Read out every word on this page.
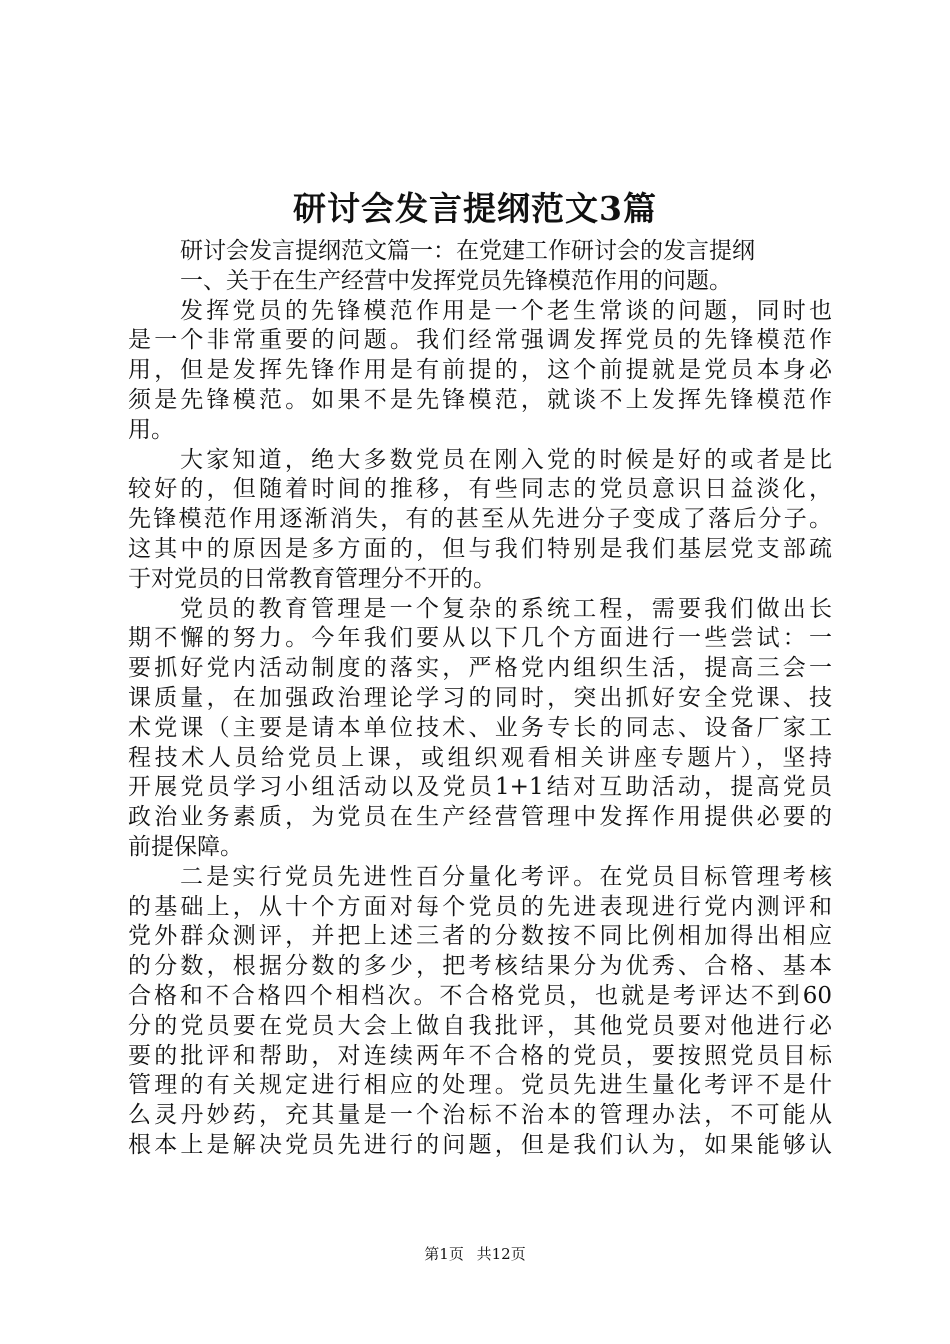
研讨会发言提纲范文3篇
研讨会发言提纲范文篇一：在党建工作研讨会的发言提纲
一、关于在生产经营中发挥党员先锋模范作用的问题。
发挥党员的先锋模范作用是一个老生常谈的问题，同时也
是一个非常重要的问题。我们经常强调发挥党员的先锋模范作
用，但是发挥先锋作用是有前提的，这个前提就是党员本身必
须是先锋模范。如果不是先锋模范，就谈不上发挥先锋模范作
用。
大家知道，绝大多数党员在刚入党的时候是好的或者是比
较好的，但随着时间的推移，有些同志的党员意识日益淡化，
先锋模范作用逐渐消失，有的甚至从先进分子变成了落后分子。
这其中的原因是多方面的，但与我们特别是我们基层党支部疏
于对党员的日常教育管理分不开的。
党员的教育管理是一个复杂的系统工程，需要我们做出长
期不懈的努力。今年我们要从以下几个方面进行一些尝试：一
要抓好党内活动制度的落实，严格党内组织生活，提高三会一
课质量，在加强政治理论学习的同时，突出抓好安全党课、技
术党课（主要是请本单位技术、业务专长的同志、设备厂家工
程技术人员给党员上课，或组织观看相关讲座专题片），坚持
开展党员学习小组活动以及党员1+1结对互助活动，提高党员
政治业务素质，为党员在生产经营管理中发挥作用提供必要的
前提保障。
二是实行党员先进性百分量化考评。在党员目标管理考核
的基础上，从十个方面对每个党员的先进表现进行党内测评和
党外群众测评，并把上述三者的分数按不同比例相加得出相应
的分数，根据分数的多少，把考核结果分为优秀、合格、基本
合格和不合格四个相档次。不合格党员，也就是考评达不到60
分的党员要在党员大会上做自我批评，其他党员要对他进行必
要的批评和帮助，对连续两年不合格的党员，要按照党员目标
管理的有关规定进行相应的处理。党员先进生量化考评不是什
么灵丹妙药，充其量是一个治标不治本的管理办法，不可能从
根本上是解决党员先进行的问题，但是我们认为，如果能够认
第1页 共12页
